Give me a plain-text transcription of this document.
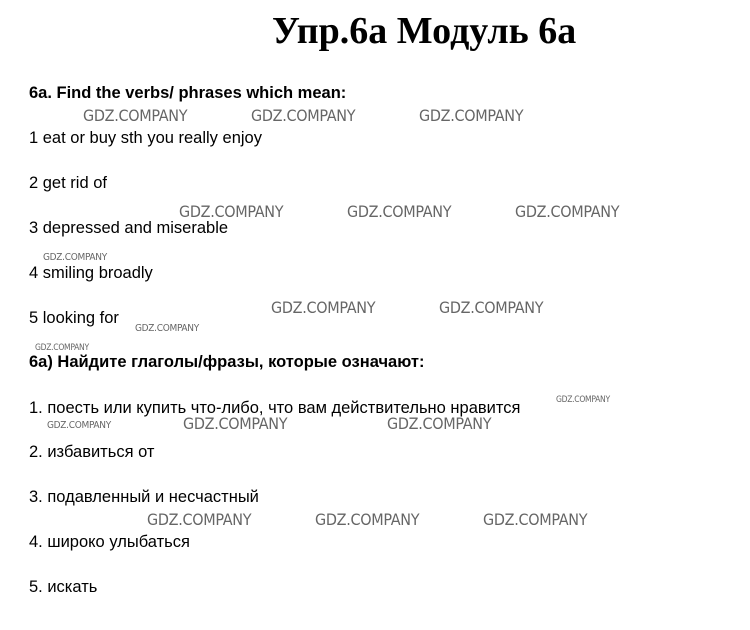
Упр.6а Модуль 6а
6a. Find the verbs/ phrases which mean:
1 eat or buy sth you really enjoy
2 get rid of
3 depressed and miserable
4 smiling broadly
5 looking for
6а) Найдите глаголы/фразы, которые означают:
1. поесть или купить что-либо, что вам действительно нравится
2. избавиться от
3. подавленный и несчастный
4. широко улыбаться
5. искать
GDZ.COMPANY	GDZ.COMPANY	GDZ.COMPANY
GDZ.COMPANY	GDZ.COMPANY	GDZ.COMPANY
GDZ.COMPANY
GDZ.COMPANY	GDZ.COMPANY
GDZ.COMPANY
GDZ.COMPANY
GDZ.COMPANY
GDZ.COMPANY	GDZ.COMPANY	GDZ.COMPANY
GDZ.COMPANY	GDZ.COMPANY	GDZ.COMPANY
